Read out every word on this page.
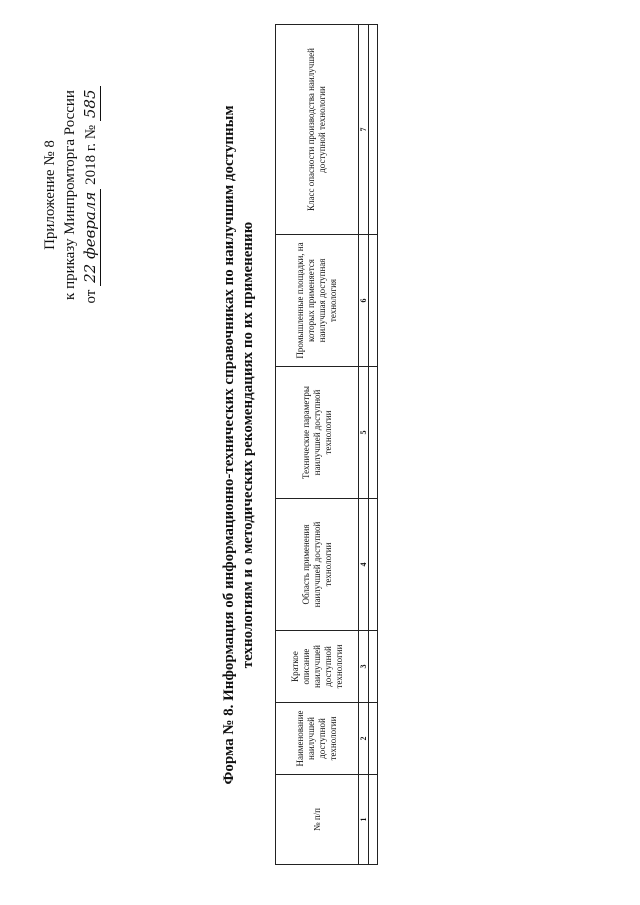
Приложение № 8 к приказу Минпромторга России от 22 февраля 2018 г. № 585
Форма № 8. Информация об информационно-технических справочниках по наилучшим доступным технологиям и о методических рекомендациях по их применению
№ п/п	Наименование наилучшей доступной технологии	Краткое описание наилучшей доступной технологии	Область применения наилучшей доступной технологии	Технические параметры наилучшей доступной технологии	Промышленные площадки, на которых применяется наилучшая доступная технология	Класс опасности производства наилучшей доступной технологии
1	2	3	4	5	6	7
